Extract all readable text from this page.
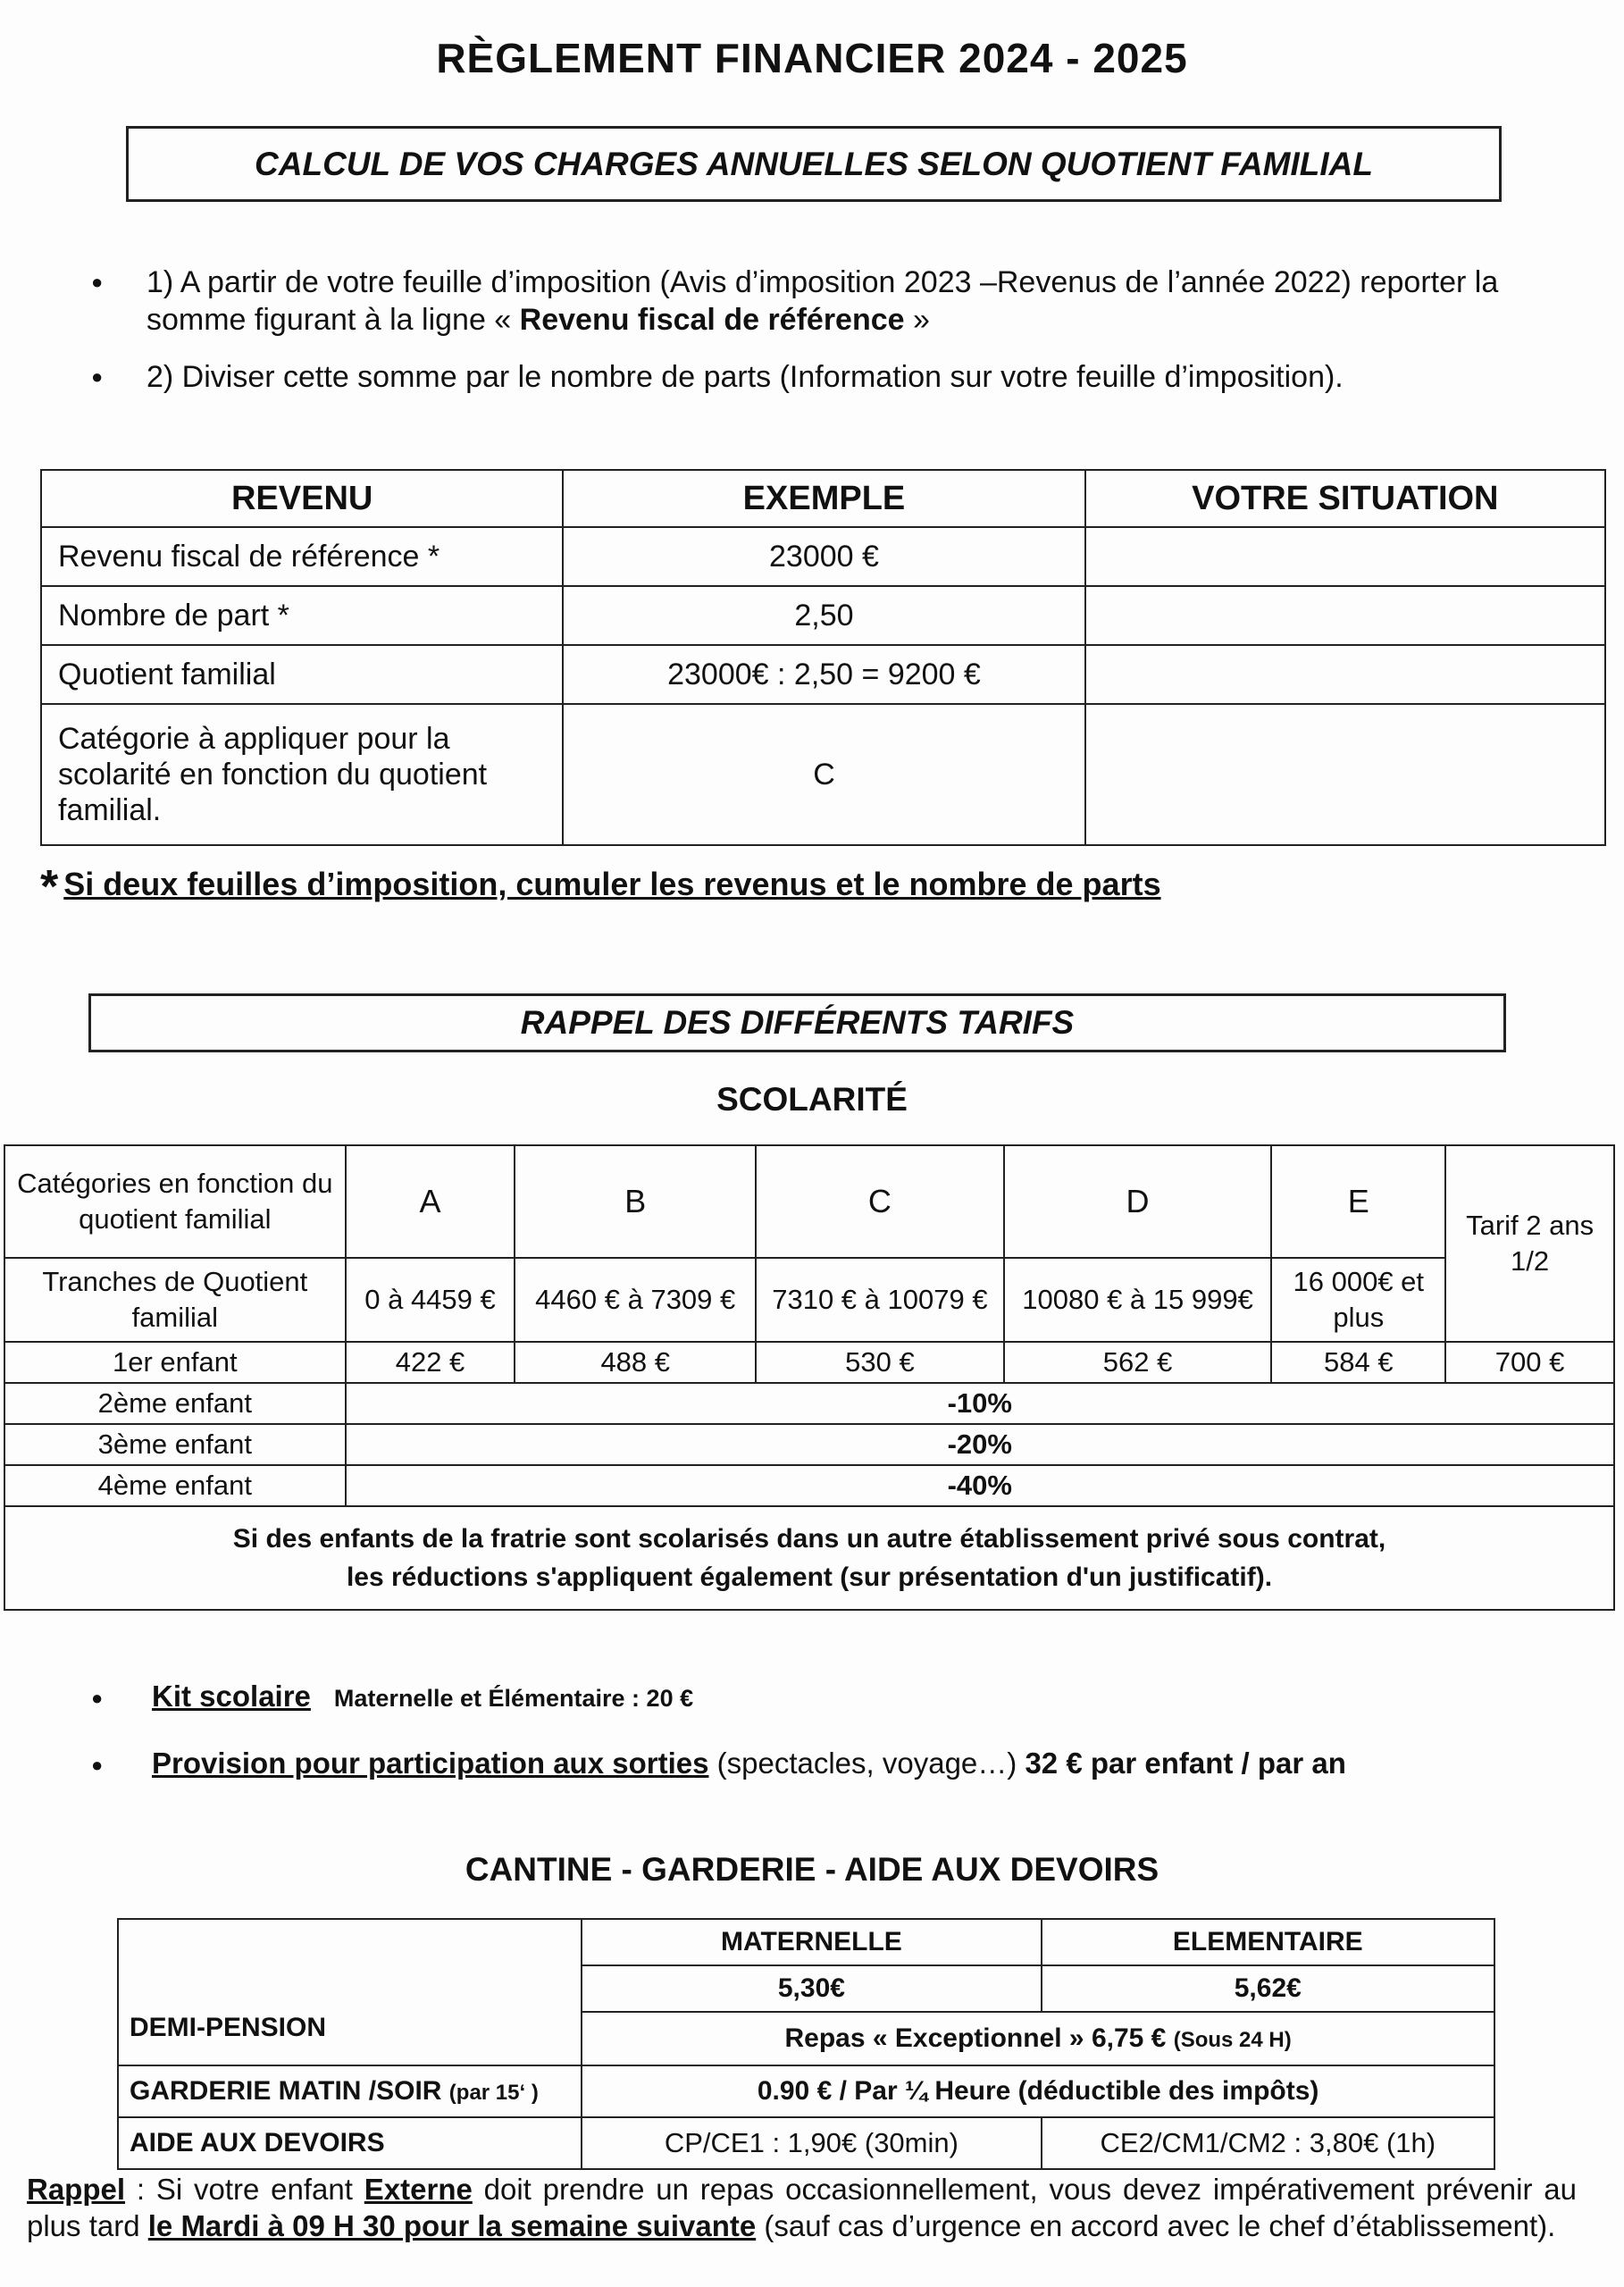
RÈGLEMENT FINANCIER 2024 - 2025
CALCUL DE VOS CHARGES ANNUELLES SELON QUOTIENT FAMILIAL
● 1) A partir de votre feuille d’imposition (Avis d’imposition 2023 –Revenus de l’année 2022) reporter la somme figurant à la ligne « Revenu fiscal de référence »
● 2) Diviser cette somme par le nombre de parts (Information sur votre feuille d’imposition).
REVENU	EXEMPLE	VOTRE SITUATION
Revenu fiscal de référence *	23000 €	
Nombre de part *	2,50	
Quotient familial	23000€ : 2,50 = 9200 €	
Catégorie à appliquer pour la scolarité en fonction du quotient familial.	C	
* Si deux feuilles d’imposition, cumuler les revenus et le nombre de parts
RAPPEL DES DIFFÉRENTS TARIFS
SCOLARITÉ
Catégories en fonction du quotient familial	A	B	C	D	E	Tarif 2 ans 1/2
Tranches de Quotient familial	0 à 4459 €	4460 € à 7309 €	7310 € à 10079 €	10080 € à 15 999€	16 000€ et plus	
1er enfant	422 €	488 €	530 €	562 €	584 €	700 €
2ème enfant	-10%					
3ème enfant	-20%					
4ème enfant	-40%					

Si des enfants de la fratrie sont scolarisés dans un autre établissement privé sous contrat,
les réductions s'appliquent également (sur présentation d'un justificatif).						
● Kit scolaire Maternelle et Élémentaire : 20 €
● Provision pour participation aux sorties (spectacles, voyage…) 32 € par enfant / par an
CANTINE - GARDERIE - AIDE AUX DEVOIRS
DEMI-PENSION	MATERNELLE	ELEMENTAIRE
	5,30€	5,62€
	Repas « Exceptionnel » 6,75 € (Sous 24 H)	
GARDERIE MATIN /SOIR (par 15‘ )	0.90 € / Par ¼ Heure (déductible des impôts)	
AIDE AUX DEVOIRS	CP/CE1 : 1,90€ (30min)	CE2/CM1/CM2 : 3,80€ (1h)
Rappel : Si votre enfant Externe doit prendre un repas occasionnellement, vous devez impérativement prévenir au plus tard le Mardi à 09 H 30 pour la semaine suivante (sauf cas d’urgence en accord avec le chef d’établissement).
